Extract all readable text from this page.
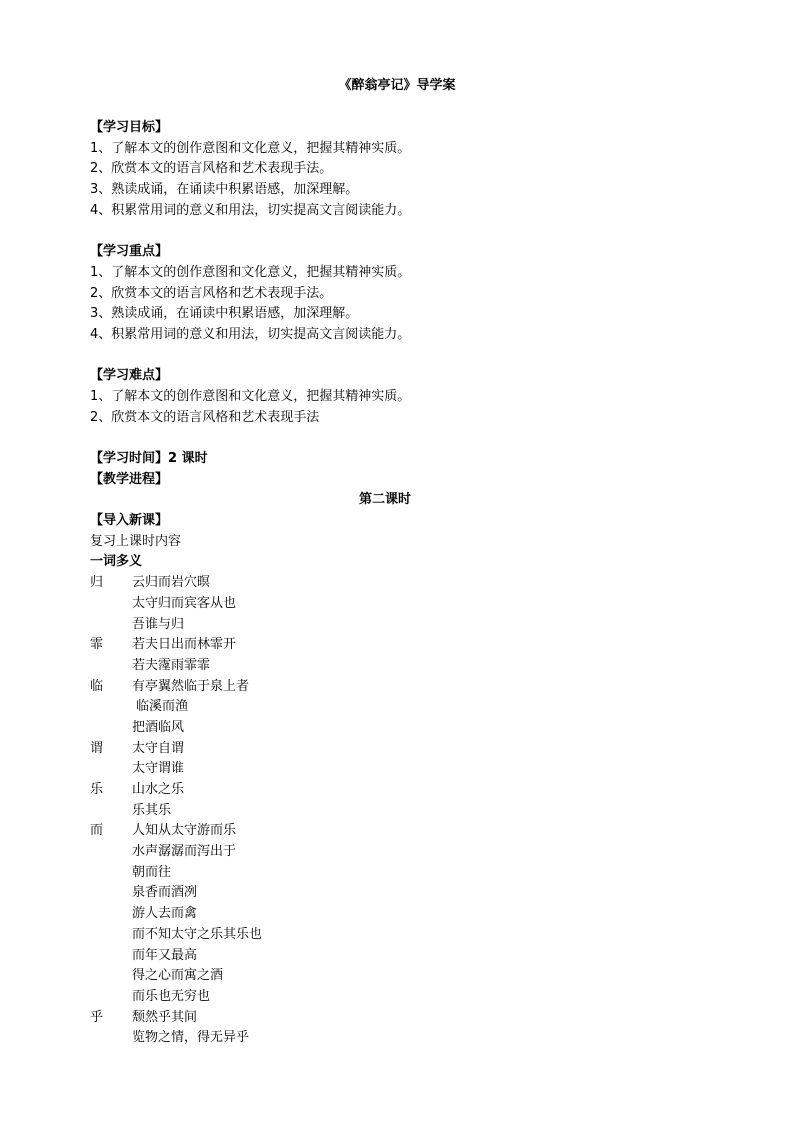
《醉翁亭记》导学案
【学习目标】
1、了解本文的创作意图和文化意义，把握其精神实质。
2、欣赏本文的语言风格和艺术表现手法。
3、熟读成诵，在诵读中积累语感，加深理解。
4、积累常用词的意义和用法，切实提高文言阅读能力。
【学习重点】
1、了解本文的创作意图和文化意义，把握其精神实质。
2、欣赏本文的语言风格和艺术表现手法。
3、熟读成诵，在诵读中积累语感，加深理解。
4、积累常用词的意义和用法，切实提高文言阅读能力。
【学习难点】
1、了解本文的创作意图和文化意义，把握其精神实质。
2、欣赏本文的语言风格和艺术表现手法
【学习时间】2 课时
【教学进程】
第二课时
【导入新课】
复习上课时内容
一词多义
归	云归而岩穴暝
太守归而宾客从也
吾谁与归
霏	若夫日出而林霏开
若夫霪雨霏霏
临	有亭翼然临于泉上者
临溪而渔
把酒临风
谓	太守自谓
太守谓谁
乐	山水之乐
乐其乐
而	人知从太守游而乐
水声潺潺而泻出于
朝而往
泉香而酒冽
游人去而禽
而不知太守之乐其乐也
而年又最高
得之心而寓之酒
而乐也无穷也
乎	颓然乎其间
览物之情，得无异乎
